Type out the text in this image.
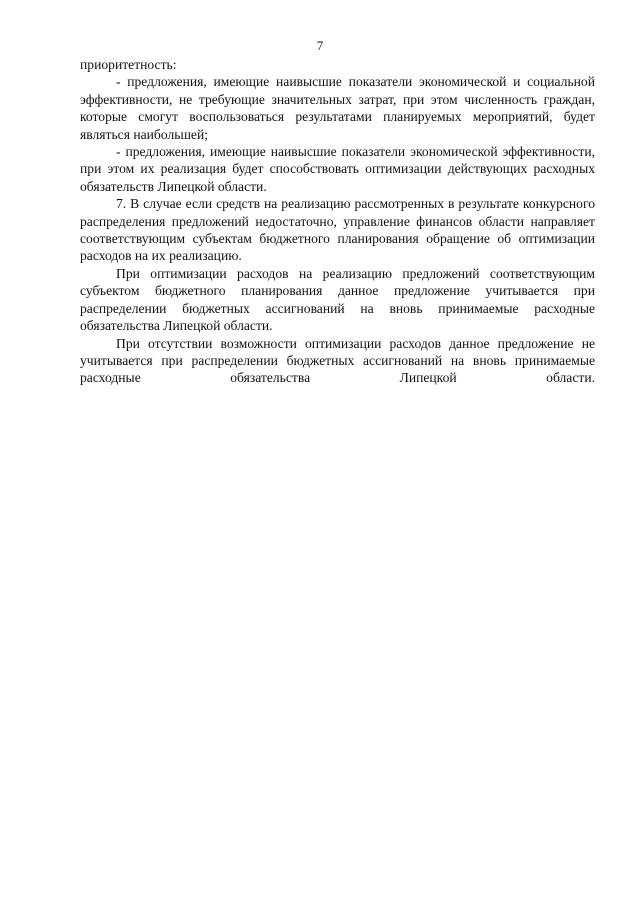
7

приоритетность:

- предложения, имеющие наивысшие показатели экономической и социальной эффективности, не требующие значительных затрат, при этом численность граждан, которые смогут воспользоваться результатами планируемых мероприятий, будет являться наибольшей;

- предложения, имеющие наивысшие показатели экономической эффективности, при этом их реализация будет способствовать оптимизации действующих расходных обязательств Липецкой области.

7. В случае если средств на реализацию рассмотренных в результате конкурсного распределения предложений недостаточно, управление финансов области направляет соответствующим субъектам бюджетного планирования обращение об оптимизации расходов на их реализацию.

При оптимизации расходов на реализацию предложений соответствующим субъектом бюджетного планирования данное предложение учитывается при распределении бюджетных ассигнований на вновь принимаемые расходные обязательства Липецкой области.

При отсутствии возможности оптимизации расходов данное предложение не учитывается при распределении бюджетных ассигнований на вновь принимаемые расходные обязательства Липецкой области.
